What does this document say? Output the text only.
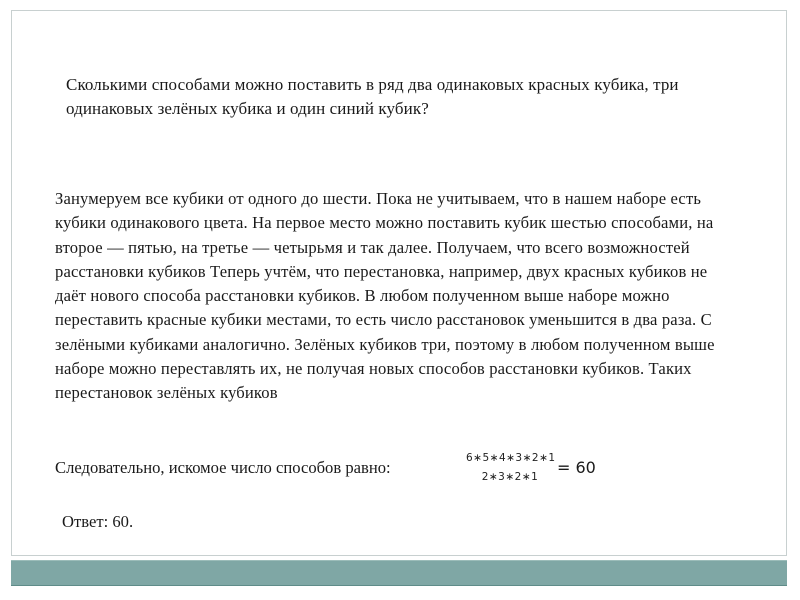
Сколькими способами можно поставить в ряд два одинаковых красных кубика, три одинаковых зелёных кубика и один синий кубик?
Занумеруем все кубики от одного до шести. Пока не учитываем, что в нашем наборе есть кубики одинакового цвета. На первое место можно поставить кубик шестью способами, на второе — пятью, на третье — четырьмя и так далее. Получаем, что всего возможностей расстановки кубиков Теперь учтём, что перестановка, например, двух красных кубиков не даёт нового способа расстановки кубиков. В любом полученном выше наборе можно переставить красные кубики местами, то есть число расстановок уменьшится в два раза. С зелёными кубиками аналогично. Зелёных кубиков три, поэтому в любом полученном выше наборе можно переставлять их, не получая новых способов расстановки кубиков. Таких перестановок зелёных кубиков
Следовательно, искомое число способов равно:	6∗5∗4∗3∗2∗1
2∗3∗2∗1	= 60
Ответ: 60.
